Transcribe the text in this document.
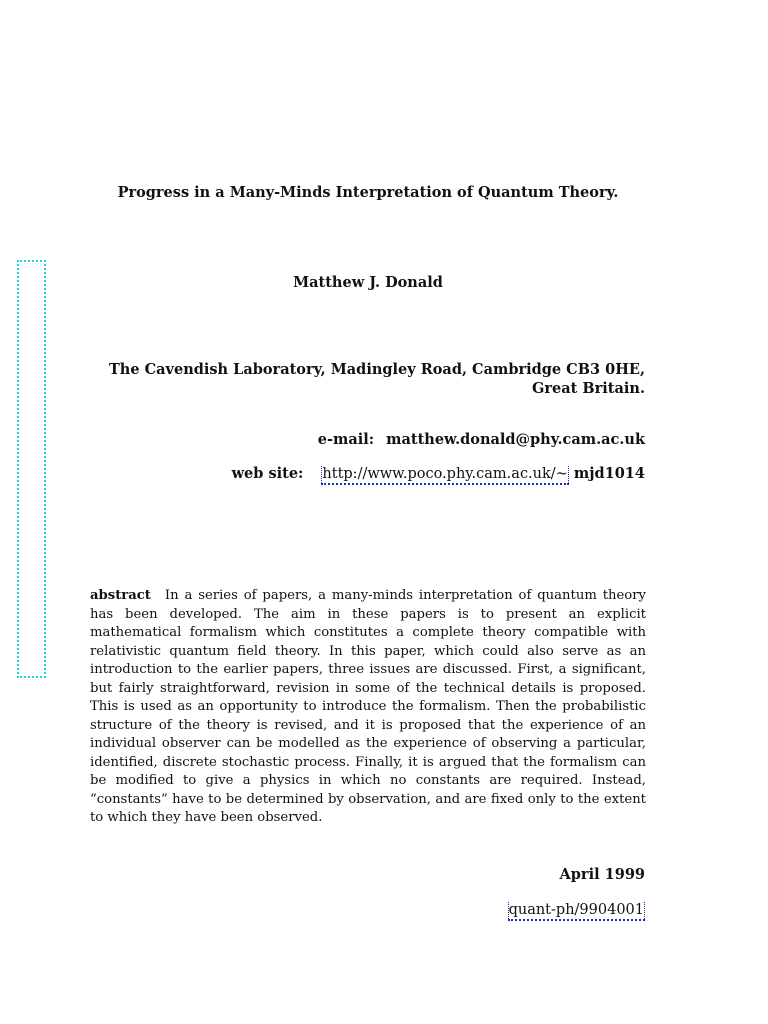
Progress in a Many-Minds Interpretation of Quantum Theory.
Matthew J. Donald
The Cavendish Laboratory, Madingley Road, Cambridge CB3 0HE,
Great Britain.
e-mail: matthew.donald@phy.cam.ac.uk
web site: http://www.poco.phy.cam.ac.uk/~ mjd1014
abstract In a series of papers, a many-minds interpretation of quantum theory has been developed. The aim in these papers is to present an explicit mathematical formalism which constitutes a complete theory compatible with relativistic quantum field theory. In this paper, which could also serve as an introduction to the earlier papers, three issues are discussed. First, a significant, but fairly straightforward, revision in some of the technical details is proposed. This is used as an opportunity to introduce the formalism. Then the probabilistic structure of the theory is revised, and it is proposed that the experience of an individual observer can be modelled as the experience of observing a particular, identified, discrete stochastic process. Finally, it is argued that the formalism can be modified to give a physics in which no constants are required. Instead, “constants” have to be determined by observation, and are fixed only to the extent to which they have been observed.
April 1999
quant-ph/9904001
